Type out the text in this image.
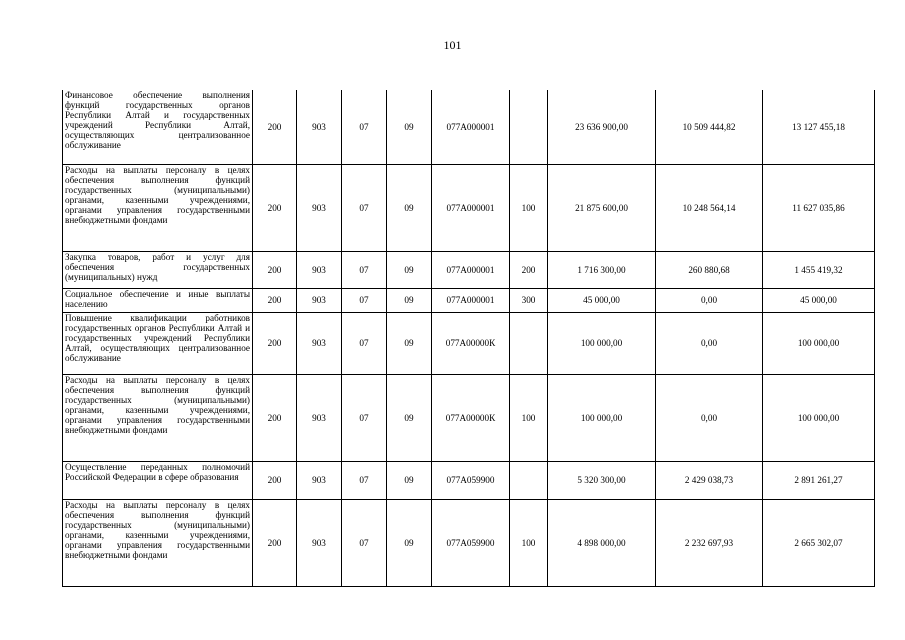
101
Финансовое обеспечение выполнения функций государственных органов Республики Алтай и государственных учреждений Республики Алтай, осуществляющих централизованное обслуживание	200	903	07	09	077А000001		23 636 900,00	10 509 444,82	13 127 455,18
Расходы на выплаты персоналу в целях обеспечения выполнения функций государственных (муниципальными) органами, казенными учреждениями, органами управления государственными внебюджетными фондами	200	903	07	09	077А000001	100	21 875 600,00	10 248 564,14	11 627 035,86
Закупка товаров, работ и услуг для обеспечения государственных (муниципальных) нужд	200	903	07	09	077А000001	200	1 716 300,00	260 880,68	1 455 419,32
Социальное обеспечение и иные выплаты населению	200	903	07	09	077А000001	300	45 000,00	0,00	45 000,00
Повышение квалификации работников государственных органов Республики Алтай и государственных учреждений Республики Алтай, осуществляющих централизованное обслуживание	200	903	07	09	077А00000К		100 000,00	0,00	100 000,00
Расходы на выплаты персоналу в целях обеспечения выполнения функций государственных (муниципальными) органами, казенными учреждениями, органами управления государственными внебюджетными фондами	200	903	07	09	077А00000К	100	100 000,00	0,00	100 000,00
Осуществление переданных полномочий Российской Федерации в сфере образования	200	903	07	09	077А059900		5 320 300,00	2 429 038,73	2 891 261,27
Расходы на выплаты персоналу в целях обеспечения выполнения функций государственных (муниципальными) органами, казенными учреждениями, органами управления государственными внебюджетными фондами	200	903	07	09	077А059900	100	4 898 000,00	2 232 697,93	2 665 302,07
